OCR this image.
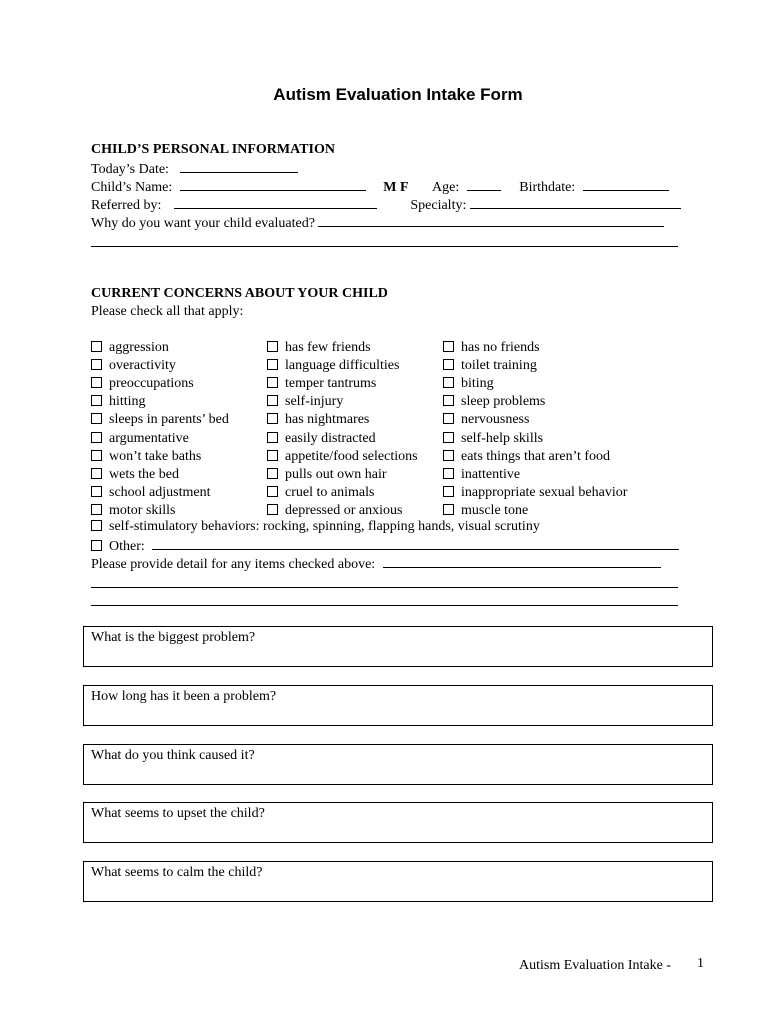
Autism Evaluation Intake Form
CHILD’S PERSONAL INFORMATION
Today’s Date:
Child’s Name:	M F Age:	Birthdate:
Referred by:	Specialty:
Why do you want your child evaluated?
CURRENT CONCERNS ABOUT YOUR CHILD
Please check all that apply:
aggression
overactivity
preoccupations
hitting
sleeps in parents’ bed
argumentative
won’t take baths
wets the bed
school adjustment
motor skills
has few friends
language difficulties
temper tantrums
self-injury
has nightmares
easily distracted
appetite/food selections
pulls out own hair
cruel to animals
depressed or anxious
has no friends
toilet training
biting
sleep problems
nervousness
self-help skills
eats things that aren’t food
inattentive
inappropriate sexual behavior
muscle tone
self-stimulatory behaviors: rocking, spinning, flapping hands, visual scrutiny
Other:
Please provide detail for any items checked above:
What is the biggest problem?
How long has it been a problem?
What do you think caused it?
What seems to upset the child?
What seems to calm the child?
Autism Evaluation Intake - 1
